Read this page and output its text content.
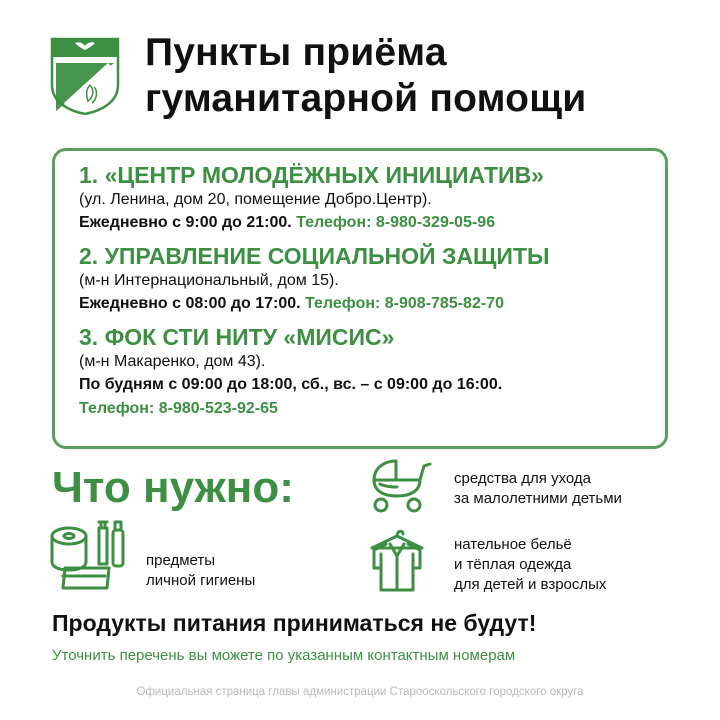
Пункты приёма
гуманитарной помощи
1. «ЦЕНТР МОЛОДЁЖНЫХ ИНИЦИАТИВ»
(ул. Ленина, дом 20, помещение Добро.Центр).
Ежедневно с 9:00 до 21:00. Телефон: 8-980-329-05-96
2. УПРАВЛЕНИЕ СОЦИАЛЬНОЙ ЗАЩИТЫ
(м-н Интернациональный, дом 15).
Ежедневно с 08:00 до 17:00. Телефон: 8-908-785-82-70
3. ФОК СТИ НИТУ «МИСИС»
(м-н Макаренко, дом 43).
По будням с 09:00 до 18:00, сб., вс. – с 09:00 до 16:00.
Телефон: 8-980-523-92-65
Что нужно:	средства для ухода
за малолетними детьми
предметы
личной гигиены
нательное бельё
и тёплая одежда
для детей и взрослых
Продукты питания приниматься не будут!
Уточнить перечень вы можете по указанным контактным номерам
Официальная страница главы администрации Старооскольского городского округа
